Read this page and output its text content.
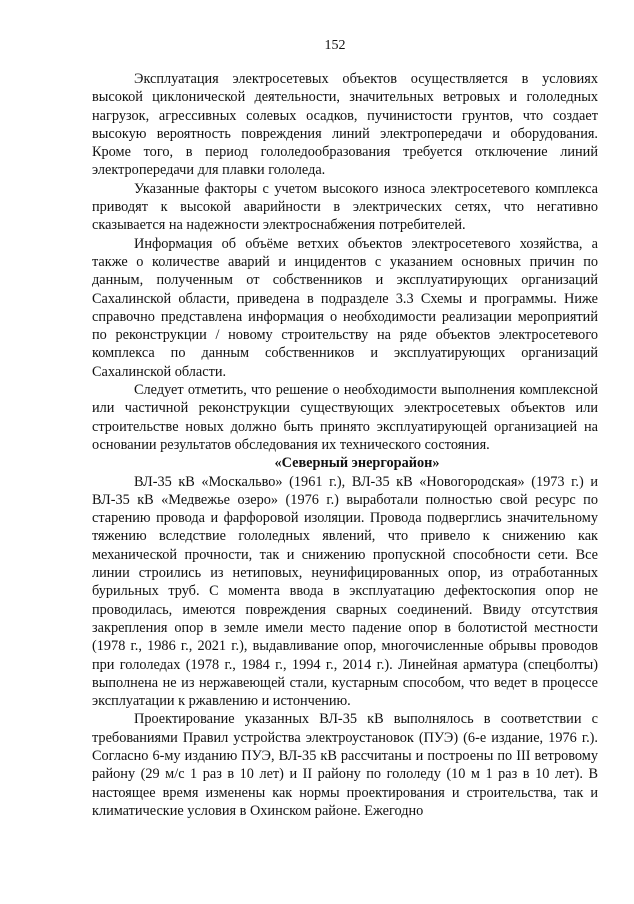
152

Эксплуатация электросетевых объектов осуществляется в условиях высокой циклонической деятельности, значительных ветровых и гололедных нагрузок, агрессивных солевых осадков, пучинистости грунтов, что создает высокую вероятность повреждения линий электропередачи и оборудования. Кроме того, в период гололедообразования требуется отключение линий электропередачи для плавки гололеда.

Указанные факторы с учетом высокого износа электросетевого комплекса приводят к высокой аварийности в электрических сетях, что негативно сказывается на надежности электроснабжения потребителей.

Информация об объёме ветхих объектов электросетевого хозяйства, а также о количестве аварий и инцидентов с указанием основных причин по данным, полученным от собственников и эксплуатирующих организаций Сахалинской области, приведена в подразделе 3.3 Схемы и программы. Ниже справочно представлена информация о необходимости реализации мероприятий по реконструкции / новому строительству на ряде объектов электросетевого комплекса по данным собственников и эксплуатирующих организаций Сахалинской области.

Следует отметить, что решение о необходимости выполнения комплексной или частичной реконструкции существующих электросетевых объектов или строительстве новых должно быть принято эксплуатирующей организацией на основании результатов обследования их технического состояния.

«Северный энергорайон»

ВЛ-35 кВ «Москальво» (1961 г.), ВЛ-35 кВ «Новогородская» (1973 г.) и ВЛ-35 кВ «Медвежье озеро» (1976 г.) выработали полностью свой ресурс по старению провода и фарфоровой изоляции. Провода подверглись значительному тяжению вследствие гололедных явлений, что привело к снижению как механической прочности, так и снижению пропускной способности сети. Все линии строились из нетиповых, неунифицированных опор, из отработанных бурильных труб. С момента ввода в эксплуатацию дефектоскопия опор не проводилась, имеются повреждения сварных соединений. Ввиду отсутствия закрепления опор в земле имели место падение опор в болотистой местности (1978 г., 1986 г., 2021 г.), выдавливание опор, многочисленные обрывы проводов при гололедах (1978 г., 1984 г., 1994 г., 2014 г.). Линейная арматура (спецболты) выполнена не из нержавеющей стали, кустарным способом, что ведет в процессе эксплуатации к ржавлению и истончению.

Проектирование указанных ВЛ-35 кВ выполнялось в соответствии с требованиями Правил устройства электроустановок (ПУЭ) (6-е издание, 1976 г.). Согласно 6-му изданию ПУЭ, ВЛ-35 кВ рассчитаны и построены по III ветровому району (29 м/с 1 раз в 10 лет) и II району по гололеду (10 м 1 раз в 10 лет). В настоящее время изменены как нормы проектирования и строительства, так и климатические условия в Охинском районе. Ежегодно
